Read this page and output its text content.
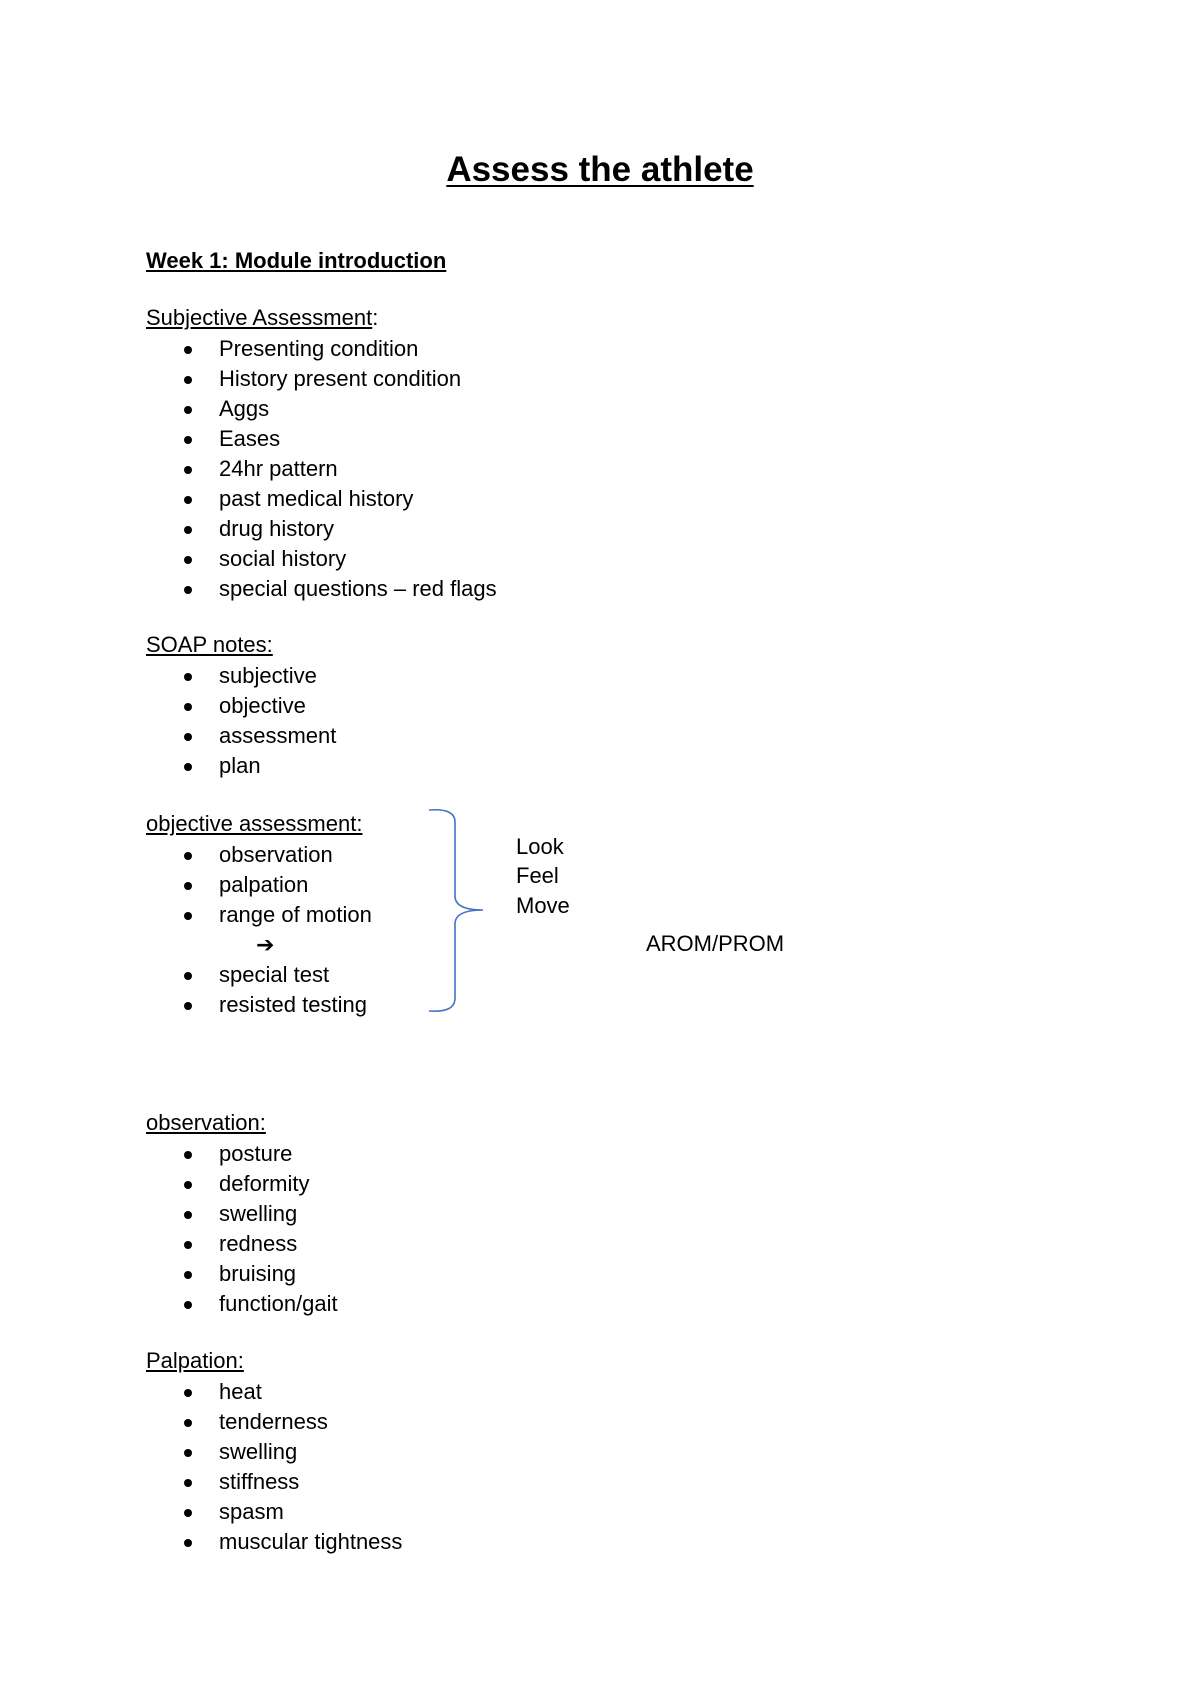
Assess the athlete

Week 1: Module introduction

Subjective Assessment:

Presenting condition
History present condition
Aggs
Eases
24hr pattern
past medical history
drug history
social history
special questions – red flags

SOAP notes:

subjective
objective
assessment
plan

objective assessment:

observation
palpation
range of motion
➔
special test
resisted testing

Look

Feel

Move

AROM/PROM

observation:

posture
deformity
swelling
redness
bruising
function/gait

Palpation:

heat
tenderness
swelling
stiffness
spasm
muscular tightness
